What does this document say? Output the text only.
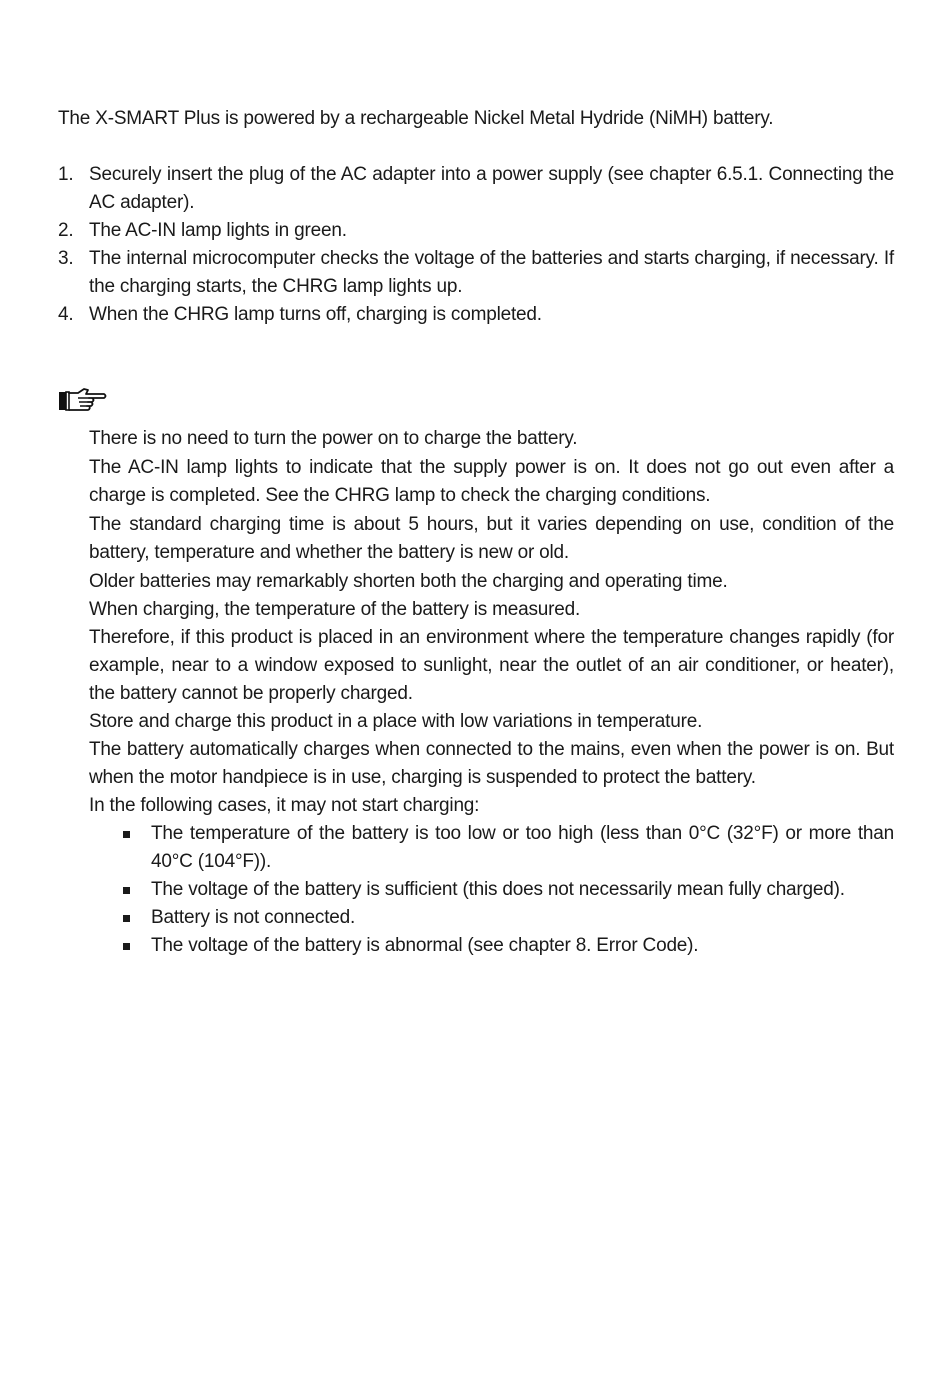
The X-SMART Plus is powered by a rechargeable Nickel Metal Hydride (NiMH) battery.
1. Securely insert the plug of the AC adapter into a power supply (see chapter 6.5.1. Connecting the AC adapter).
2. The AC-IN lamp lights in green.
3. The internal microcomputer checks the voltage of the batteries and starts charging, if necessary. If the charging starts, the CHRG lamp lights up.
4. When the CHRG lamp turns off, charging is completed.

There is no need to turn the power on to charge the battery.

The AC-IN lamp lights to indicate that the supply power is on. It does not go out even after a charge is completed. See the CHRG lamp to check the charging conditions.

The standard charging time is about 5 hours, but it varies depending on use, condition of the battery, temperature and whether the battery is new or old.

Older batteries may remarkably shorten both the charging and operating time.

When charging, the temperature of the battery is measured.

Therefore, if this product is placed in an environment where the temperature changes rapidly (for example, near to a window exposed to sunlight, near the outlet of an air conditioner, or heater), the battery cannot be properly charged.

Store and charge this product in a place with low variations in temperature.

The battery automatically charges when connected to the mains, even when the power is on. But when the motor handpiece is in use, charging is suspended to protect the battery.

In the following cases, it may not start charging:

The temperature of the battery is too low or too high (less than 0°C (32°F) or more than 40°C (104°F)).
The voltage of the battery is sufficient (this does not necessarily mean fully charged).
Battery is not connected.
The voltage of the battery is abnormal (see chapter 8. Error Code).
